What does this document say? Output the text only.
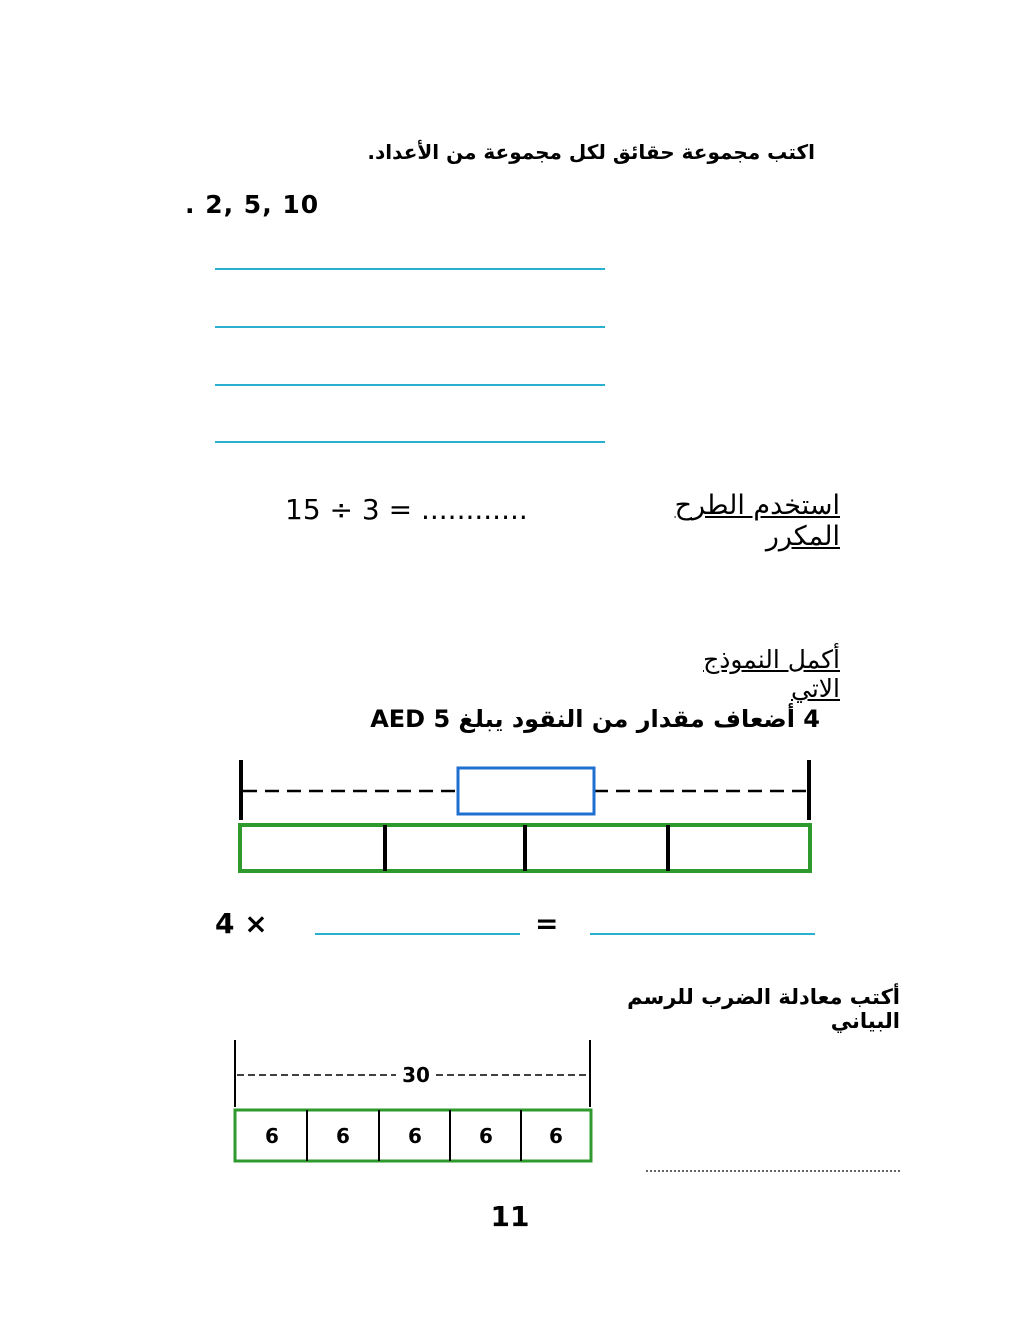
اكتب مجموعة حقائق لكل مجموعة من الأعداد.
. 2, 5, 10
استخدم الطرح المكرر
15 ÷ 3 = ............
أكمل النموذج الاتي
4 أضعاف مقدار من النقود يبلغ 5 AED
4 ×	=
أكتب معادلة الضرب للرسم البياني
30
6	6	6	6	6
11
